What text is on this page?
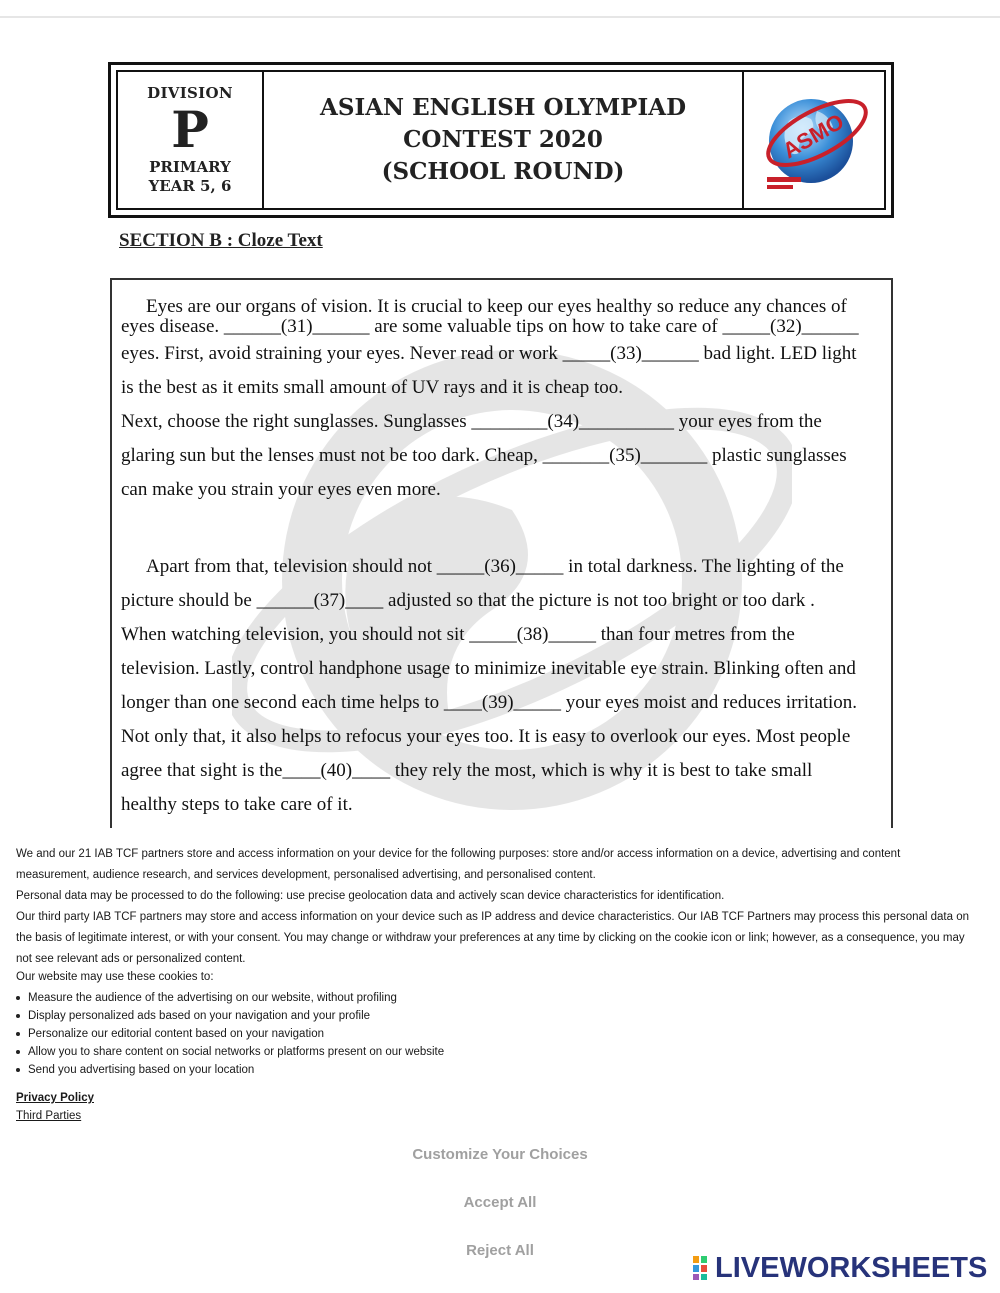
DIVISION
P
PRIMARY
YEAR 5, 6
ASIAN ENGLISH OLYMPIAD
CONTEST 2020
(SCHOOL ROUND)
ASMO
SECTION B : Cloze Text
Eyes are our organs of vision. It is crucial to keep our eyes healthy so reduce any chances of
eyes disease. ______(31)______ are some valuable tips on how to take care of _____(32)______
eyes. First, avoid straining your eyes. Never read or work _____(33)______ bad light. LED light
is the best as it emits small amount of UV rays and it is cheap too.
Next, choose the right sunglasses. Sunglasses ________(34)__________ your eyes from the
glaring sun but the lenses must not be too dark. Cheap, _______(35)_______ plastic sunglasses
can make you strain your eyes even more.
Apart from that, television should not _____(36)_____ in total darkness. The lighting of the
picture should be ______(37)____ adjusted so that the picture is not too bright or too dark .
When watching television, you should not sit _____(38)_____ than four metres from the
television. Lastly, control handphone usage to minimize inevitable eye strain. Blinking often and
longer than one second each time helps to ____(39)_____ your eyes moist and reduces irritation.
Not only that, it also helps to refocus your eyes too. It is easy to overlook our eyes. Most people
agree that sight is the____(40)____ they rely the most, which is why it is best to take small
healthy steps to take care of it.

We and our 21 IAB TCF partners store and access information on your device for the following purposes: store and/or access information on a device, advertising and content measurement, audience research, and services development, personalised advertising, and personalised content.

Personal data may be processed to do the following: use precise geolocation data and actively scan device characteristics for identification.

Our third party IAB TCF partners may store and access information on your device such as IP address and device characteristics. Our IAB TCF Partners may process this personal data on the basis of legitimate interest, or with your consent. You may change or withdraw your preferences at any time by clicking on the cookie icon or link; however, as a consequence, you may not see relevant ads or personalized content.

Our website may use these cookies to:

Measure the audience of the advertising on our website, without profiling
Display personalized ads based on your navigation and your profile
Personalize our editorial content based on your navigation
Allow you to share content on social networks or platforms present on our website
Send you advertising based on your location
Privacy Policy
Third Parties
Customize Your Choices
Accept All
Reject All
LIVEWORKSHEETS
